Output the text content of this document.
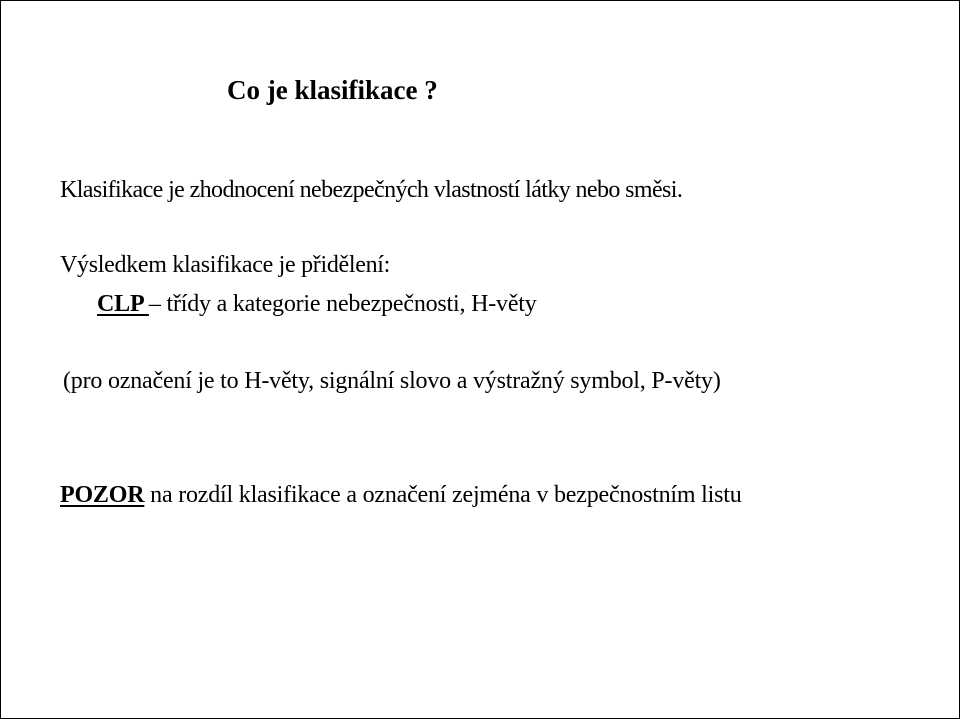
Co je klasifikace ?
Klasifikace je zhodnocení nebezpečných vlastností látky nebo směsi.
Výsledkem klasifikace je přidělení:
CLP – třídy a kategorie nebezpečnosti, H-věty
(pro označení je to H-věty, signální slovo a výstražný symbol, P-věty)
POZOR na rozdíl klasifikace a označení zejména v bezpečnostním listu
